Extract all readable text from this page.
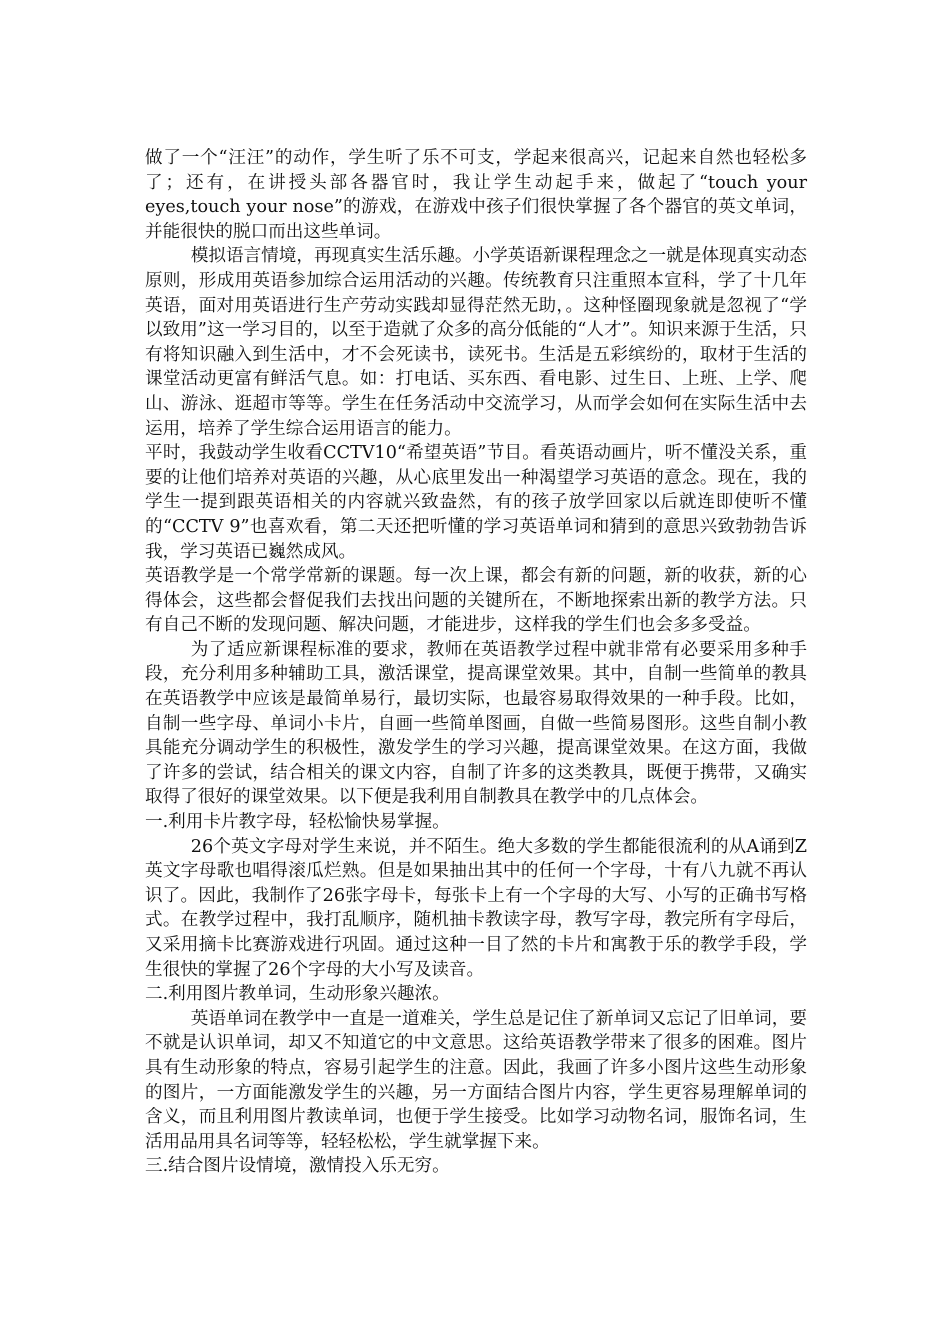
做了一个“汪汪”的动作，学生听了乐不可支，学起来很高兴，记起来自然也轻松多了；还有，在讲授头部各器官时，我让学生动起手来，做起了“touch your eyes,touch your nose”的游戏，在游戏中孩子们很快掌握了各个器官的英文单词，并能很快的脱口而出这些单词。

模拟语言情境，再现真实生活乐趣。小学英语新课程理念之一就是体现真实动态原则，形成用英语参加综合运用活动的兴趣。传统教育只注重照本宣科，学了十几年英语，面对用英语进行生产劳动实践却显得茫然无助，。这种怪圈现象就是忽视了“学以致用”这一学习目的，以至于造就了众多的高分低能的“人才”。知识来源于生活，只有将知识融入到生活中，才不会死读书，读死书。生活是五彩缤纷的，取材于生活的课堂活动更富有鲜活气息。如：打电话、买东西、看电影、过生日、上班、上学、爬山、游泳、逛超市等等。学生在任务活动中交流学习，从而学会如何在实际生活中去运用，培养了学生综合运用语言的能力。

平时，我鼓动学生收看CCTV10“希望英语”节目。看英语动画片，听不懂没关系，重要的让他们培养对英语的兴趣，从心底里发出一种渴望学习英语的意念。现在，我的学生一提到跟英语相关的内容就兴致盎然，有的孩子放学回家以后就连即使听不懂的“CCTV 9”也喜欢看，第二天还把听懂的学习英语单词和猜到的意思兴致勃勃告诉我，学习英语已巍然成风。

英语教学是一个常学常新的课题。每一次上课，都会有新的问题，新的收获，新的心得体会，这些都会督促我们去找出问题的关键所在，不断地探索出新的教学方法。只有自己不断的发现问题、解决问题，才能进步，这样我的学生们也会多多受益。

为了适应新课程标准的要求，教师在英语教学过程中就非常有必要采用多种手段，充分利用多种辅助工具，激活课堂，提高课堂效果。其中，自制一些简单的教具在英语教学中应该是最简单易行，最切实际，也最容易取得效果的一种手段。比如，自制一些字母、单词小卡片，自画一些简单图画，自做一些简易图形。这些自制小教具能充分调动学生的积极性，激发学生的学习兴趣，提高课堂效果。在这方面，我做了许多的尝试，结合相关的课文内容，自制了许多的这类教具，既便于携带，又确实取得了很好的课堂效果。以下便是我利用自制教具在教学中的几点体会。

一.利用卡片教字母，轻松愉快易掌握。

26个英文字母对学生来说，并不陌生。绝大多数的学生都能很流利的从A诵到Z英文字母歌也唱得滚瓜烂熟。但是如果抽出其中的任何一个字母，十有八九就不再认识了。因此，我制作了26张字母卡，每张卡上有一个字母的大写、小写的正确书写格式。在教学过程中，我打乱顺序，随机抽卡教读字母，教写字母，教完所有字母后，又采用摘卡比赛游戏进行巩固。通过这种一目了然的卡片和寓教于乐的教学手段，学生很快的掌握了26个字母的大小写及读音。

二.利用图片教单词，生动形象兴趣浓。

英语单词在教学中一直是一道难关，学生总是记住了新单词又忘记了旧单词，要不就是认识单词，却又不知道它的中文意思。这给英语教学带来了很多的困难。图片具有生动形象的特点，容易引起学生的注意。因此，我画了许多小图片这些生动形象的图片，一方面能激发学生的兴趣，另一方面结合图片内容，学生更容易理解单词的含义，而且利用图片教读单词，也便于学生接受。比如学习动物名词，服饰名词，生活用品用具名词等等，轻轻松松，学生就掌握下来。

三.结合图片设情境，激情投入乐无穷。
